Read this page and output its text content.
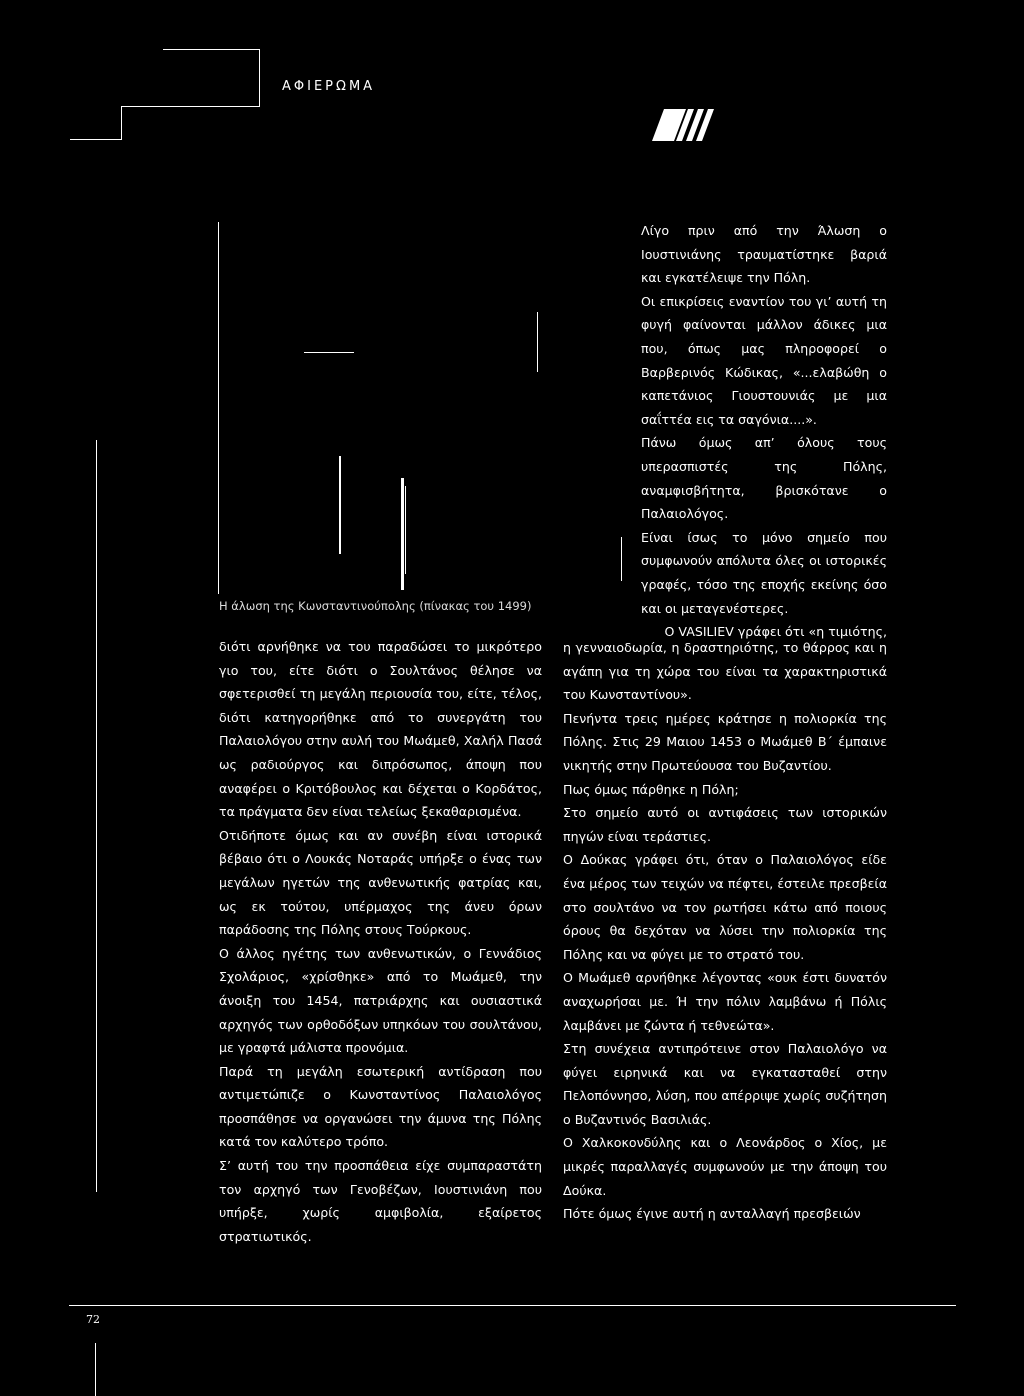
ΑΦΙΕΡΩΜΑ
Η άλωση της Κωνσταντινούπολης (πίνακας του 1499)

Λίγο πριν από την Άλωση ο Ιουστινιάνης τραυματίστηκε βαριά και εγκατέλειψε την Πόλη.

Οι επικρίσεις εναντίον του γι’ αυτή τη φυγή φαίνονται μάλλον άδικες μια που, όπως μας πληροφορεί ο Βαρβερινός Κώδικας, «...ελαβώθη ο καπετάνιος Γιουστουνιάς με μια σαΐττέα εις τα σαγόνια....».

Πάνω όμως απ’ όλους τους υπερασπιστές της Πόλης, αναμφισβήτητα, βρισκότανε ο Παλαιολόγος.

Είναι ίσως το μόνο σημείο που συμφωνούν απόλυτα όλες οι ιστορικές γραφές, τόσο της εποχής εκείνης όσο και οι μεταγενέστερες.

Ο VASILIEV γράφει ότι «η τιμιότης,

διότι αρνήθηκε να του παραδώσει το μικρότερο γιο του, είτε διότι ο Σουλτάνος θέλησε να σφετερισθεί τη μεγάλη περιουσία του, είτε, τέλος, διότι κατηγορήθηκε από το συνεργάτη του Παλαιολόγου στην αυλή του Μωάμεθ, Χαλήλ Πασά ως ραδιούργος και διπρόσωπος, άποψη που αναφέρει ο Κριτόβουλος και δέχεται ο Κορδάτος, τα πράγματα δεν είναι τελείως ξεκαθαρισμένα.

Οτιδήποτε όμως και αν συνέβη είναι ιστορικά βέβαιο ότι ο Λουκάς Νοταράς υπήρξε ο ένας των μεγάλων ηγετών της ανθενωτικής φατρίας και, ως εκ τούτου, υπέρμαχος της άνευ όρων παράδοσης της Πόλης στους Τούρκους.

Ο άλλος ηγέτης των ανθενωτικών, ο Γεννάδιος Σχολάριος, «χρίσθηκε» από το Μωάμεθ, την άνοιξη του 1454, πατριάρχης και ουσιαστικά αρχηγός των ορθοδόξων υπηκόων του σουλτάνου, με γραφτά μάλιστα προνόμια.

Παρά τη μεγάλη εσωτερική αντίδραση που αντιμετώπιζε ο Κωνσταντίνος Παλαιολόγος προσπάθησε να οργανώσει την άμυνα της Πόλης κατά τον καλύτερο τρόπο.

Σ’ αυτή του την προσπάθεια είχε συμπαραστάτη τον αρχηγό των Γενοβέζων, Ιουστινιάνη που υπήρξε, χωρίς αμφιβολία, εξαίρετος στρατιωτικός.

η γενναιοδωρία, η δραστηριότης, το θάρρος και η αγάπη για τη χώρα του είναι τα χαρακτηριστικά του Κωνσταντίνου».

Πενήντα τρεις ημέρες κράτησε η πολιορκία της Πόλης. Στις 29 Μαιου 1453 ο Μωάμεθ Β΄ έμπαινε νικητής στην Πρωτεύουσα του Βυζαντίου.

Πως όμως πάρθηκε η Πόλη;

Στο σημείο αυτό οι αντιφάσεις των ιστορικών πηγών είναι τεράστιες.

Ο Δούκας γράφει ότι, όταν ο Παλαιολόγος είδε ένα μέρος των τειχών να πέφτει, έστειλε πρεσβεία στο σουλτάνο να τον ρωτήσει κάτω από ποιους όρους θα δεχόταν να λύσει την πολιορκία της Πόλης και να φύγει με το στρατό του.

Ο Μωάμεθ αρνήθηκε λέγοντας «ουκ έστι δυνατόν αναχωρήσαι με. Ή την πόλιν λαμβάνω ή Πόλις λαμβάνει με ζώντα ή τεθνεώτα».

Στη συνέχεια αντιπρότεινε στον Παλαιολόγο να φύγει ειρηνικά και να εγκατασταθεί στην Πελοπόννησο, λύση, που απέρριψε χωρίς συζήτηση ο Βυζαντινός Βασιλιάς.

Ο Χαλκοκονδύλης και ο Λεονάρδος ο Χίος, με μικρές παραλλαγές συμφωνούν με την άποψη του Δούκα.

Πότε όμως έγινε αυτή η ανταλλαγή πρεσβειών

72
